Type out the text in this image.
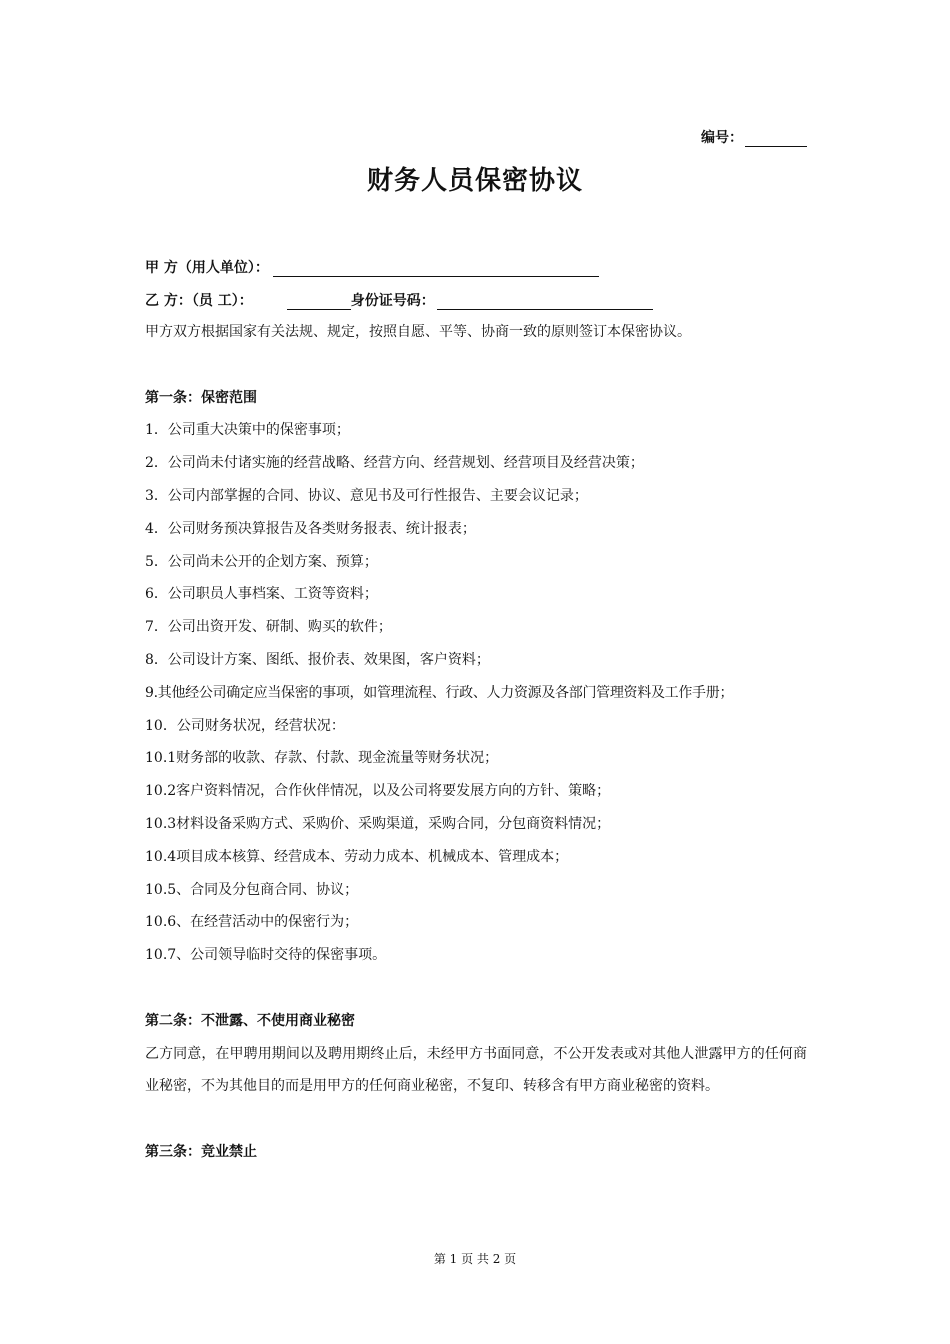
编号：
财务人员保密协议
甲 方（用人单位）：
乙 方：（员 工）：	身份证号码：

甲方双方根据国家有关法规、规定，按照自愿、平等、协商一致的原则签订本保密协议。

第一条：保密范围

1．公司重大决策中的保密事项；

2．公司尚未付诸实施的经营战略、经营方向、经营规划、经营项目及经营决策；

3．公司内部掌握的合同、协议、意见书及可行性报告、主要会议记录；

4．公司财务预决算报告及各类财务报表、统计报表；

5．公司尚未公开的企划方案、预算；

6．公司职员人事档案、工资等资料；

7．公司出资开发、研制、购买的软件；

8．公司设计方案、图纸、报价表、效果图，客户资料；

9.其他经公司确定应当保密的事项，如管理流程、行政、人力资源及各部门管理资料及工作手册；

10．公司财务状况，经营状况：

10.1财务部的收款、存款、付款、现金流量等财务状况；

10.2客户资料情况，合作伙伴情况，以及公司将要发展方向的方针、策略；

10.3材料设备采购方式、采购价、采购渠道，采购合同，分包商资料情况；

10.4项目成本核算、经营成本、劳动力成本、机械成本、管理成本；

10.5、合同及分包商合同、协议；

10.6、在经营活动中的保密行为；

10.7、公司领导临时交待的保密事项。

第二条：不泄露、不使用商业秘密

乙方同意，在甲聘用期间以及聘用期终止后，未经甲方书面同意，不公开发表或对其他人泄露甲方的任何商业秘密，不为其他目的而是用甲方的任何商业秘密，不复印、转移含有甲方商业秘密的资料。

第三条：竞业禁止

第 1 页 共 2 页
